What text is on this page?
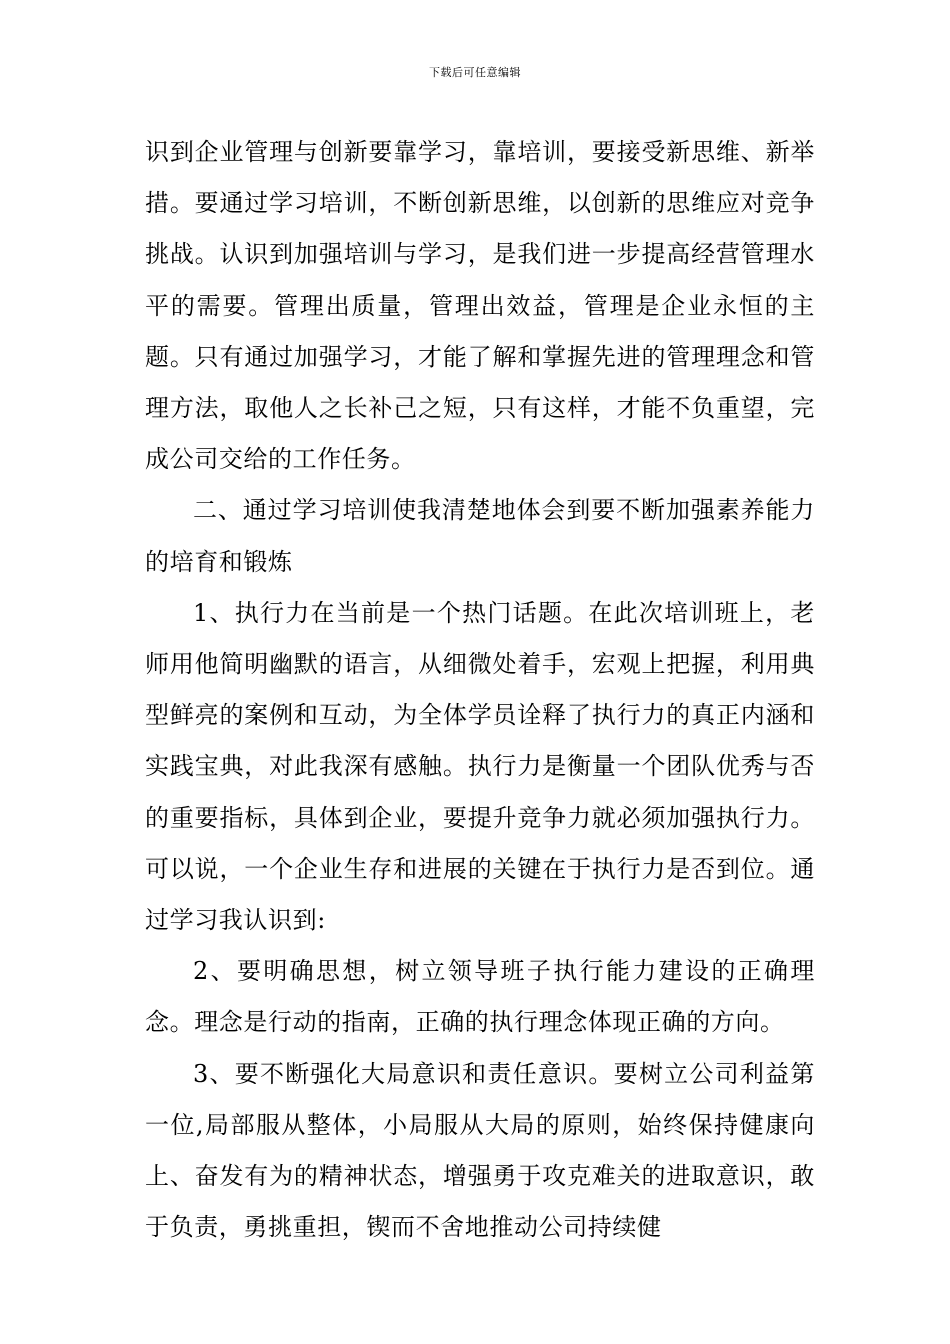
下载后可任意编辑

识到企业管理与创新要靠学习，靠培训，要接受新思维、新举措。要通过学习培训，不断创新思维，以创新的思维应对竞争挑战。认识到加强培训与学习，是我们进一步提高经营管理水平的需要。管理出质量，管理出效益，管理是企业永恒的主题。只有通过加强学习，才能了解和掌握先进的管理理念和管理方法，取他人之长补己之短，只有这样，才能不负重望，完成公司交给的工作任务。

二、通过学习培训使我清楚地体会到要不断加强素养能力的培育和锻炼

1、执行力在当前是一个热门话题。在此次培训班上，老师用他简明幽默的语言，从细微处着手，宏观上把握，利用典型鲜亮的案例和互动，为全体学员诠释了执行力的真正内涵和实践宝典，对此我深有感触。执行力是衡量一个团队优秀与否的重要指标，具体到企业，要提升竞争力就必须加强执行力。可以说，一个企业生存和进展的关键在于执行力是否到位。通过学习我认识到:

2、要明确思想，树立领导班子执行能力建设的正确理念。理念是行动的指南，正确的执行理念体现正确的方向。

3、要不断强化大局意识和责任意识。要树立公司利益第一位,局部服从整体，小局服从大局的原则，始终保持健康向上、奋发有为的精神状态，增强勇于攻克难关的进取意识，敢于负责，勇挑重担，锲而不舍地推动公司持续健
